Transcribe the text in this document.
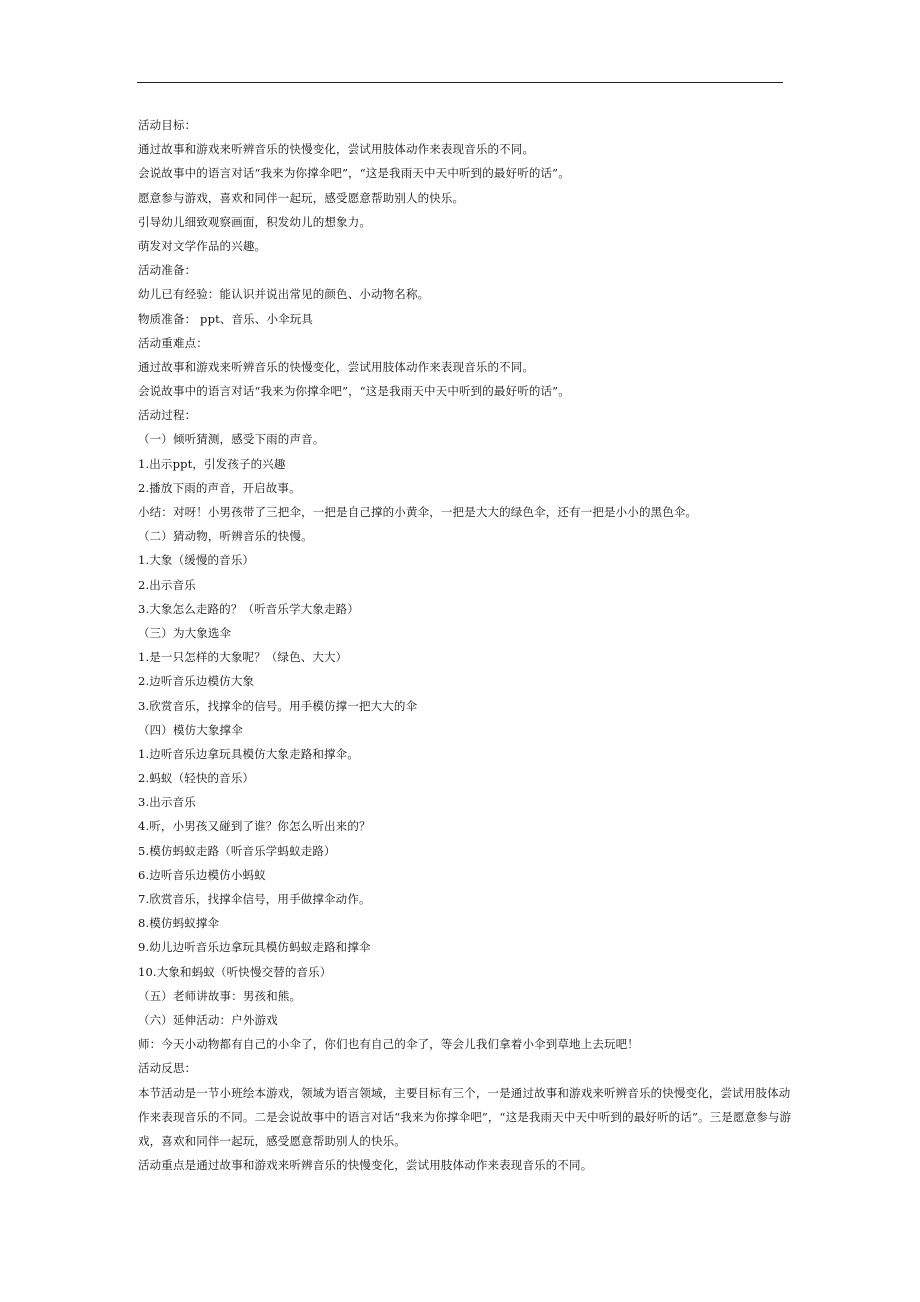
活动目标：
通过故事和游戏来听辨音乐的快慢变化，尝试用肢体动作来表现音乐的不同。
会说故事中的语言对话“我来为你撑伞吧”，“这是我雨天中天中听到的最好听的话”。
愿意参与游戏，喜欢和同伴一起玩，感受愿意帮助别人的快乐。
引导幼儿细致观察画面，积发幼儿的想象力。
萌发对文学作品的兴趣。
活动准备：
幼儿已有经验：能认识并说出常见的颜色、小动物名称。
物质准备： ppt、音乐、小伞玩具
活动重难点：
通过故事和游戏来听辨音乐的快慢变化，尝试用肢体动作来表现音乐的不同。
会说故事中的语言对话“我来为你撑伞吧”，“这是我雨天中天中听到的最好听的话”。
活动过程：
（一）倾听猜测，感受下雨的声音。
1.出示ppt，引发孩子的兴趣
2.播放下雨的声音，开启故事。
小结：对呀！小男孩带了三把伞，一把是自己撑的小黄伞，一把是大大的绿色伞，还有一把是小小的黑色伞。
（二）猜动物，听辨音乐的快慢。
1.大象（缓慢的音乐）
2.出示音乐
3.大象怎么走路的？（听音乐学大象走路）
（三）为大象选伞
1.是一只怎样的大象呢？（绿色、大大）
2.边听音乐边模仿大象
3.欣赏音乐，找撑伞的信号。用手模仿撑一把大大的伞
（四）模仿大象撑伞
1.边听音乐边拿玩具模仿大象走路和撑伞。
2.蚂蚁（轻快的音乐）
3.出示音乐
4.听，小男孩又碰到了谁？你怎么听出来的？
5.模仿蚂蚁走路（听音乐学蚂蚁走路）
6.边听音乐边模仿小蚂蚁
7.欣赏音乐，找撑伞信号，用手做撑伞动作。
8.模仿蚂蚁撑伞
9.幼儿边听音乐边拿玩具模仿蚂蚁走路和撑伞
10.大象和蚂蚁（听快慢交替的音乐）
（五）老师讲故事：男孩和熊。
（六）延伸活动：户外游戏
师：今天小动物都有自己的小伞了，你们也有自己的伞了，等会儿我们拿着小伞到草地上去玩吧！
活动反思：
本节活动是一节小班绘本游戏，领域为语言领域，主要目标有三个，一是通过故事和游戏来听辨音乐的快慢变化，尝试用肢体动作来表现音乐的不同。二是会说故事中的语言对话“我来为你撑伞吧”，“这是我雨天中天中听到的最好听的话”。三是愿意参与游戏，喜欢和同伴一起玩，感受愿意帮助别人的快乐。
活动重点是通过故事和游戏来听辨音乐的快慢变化，尝试用肢体动作来表现音乐的不同。
